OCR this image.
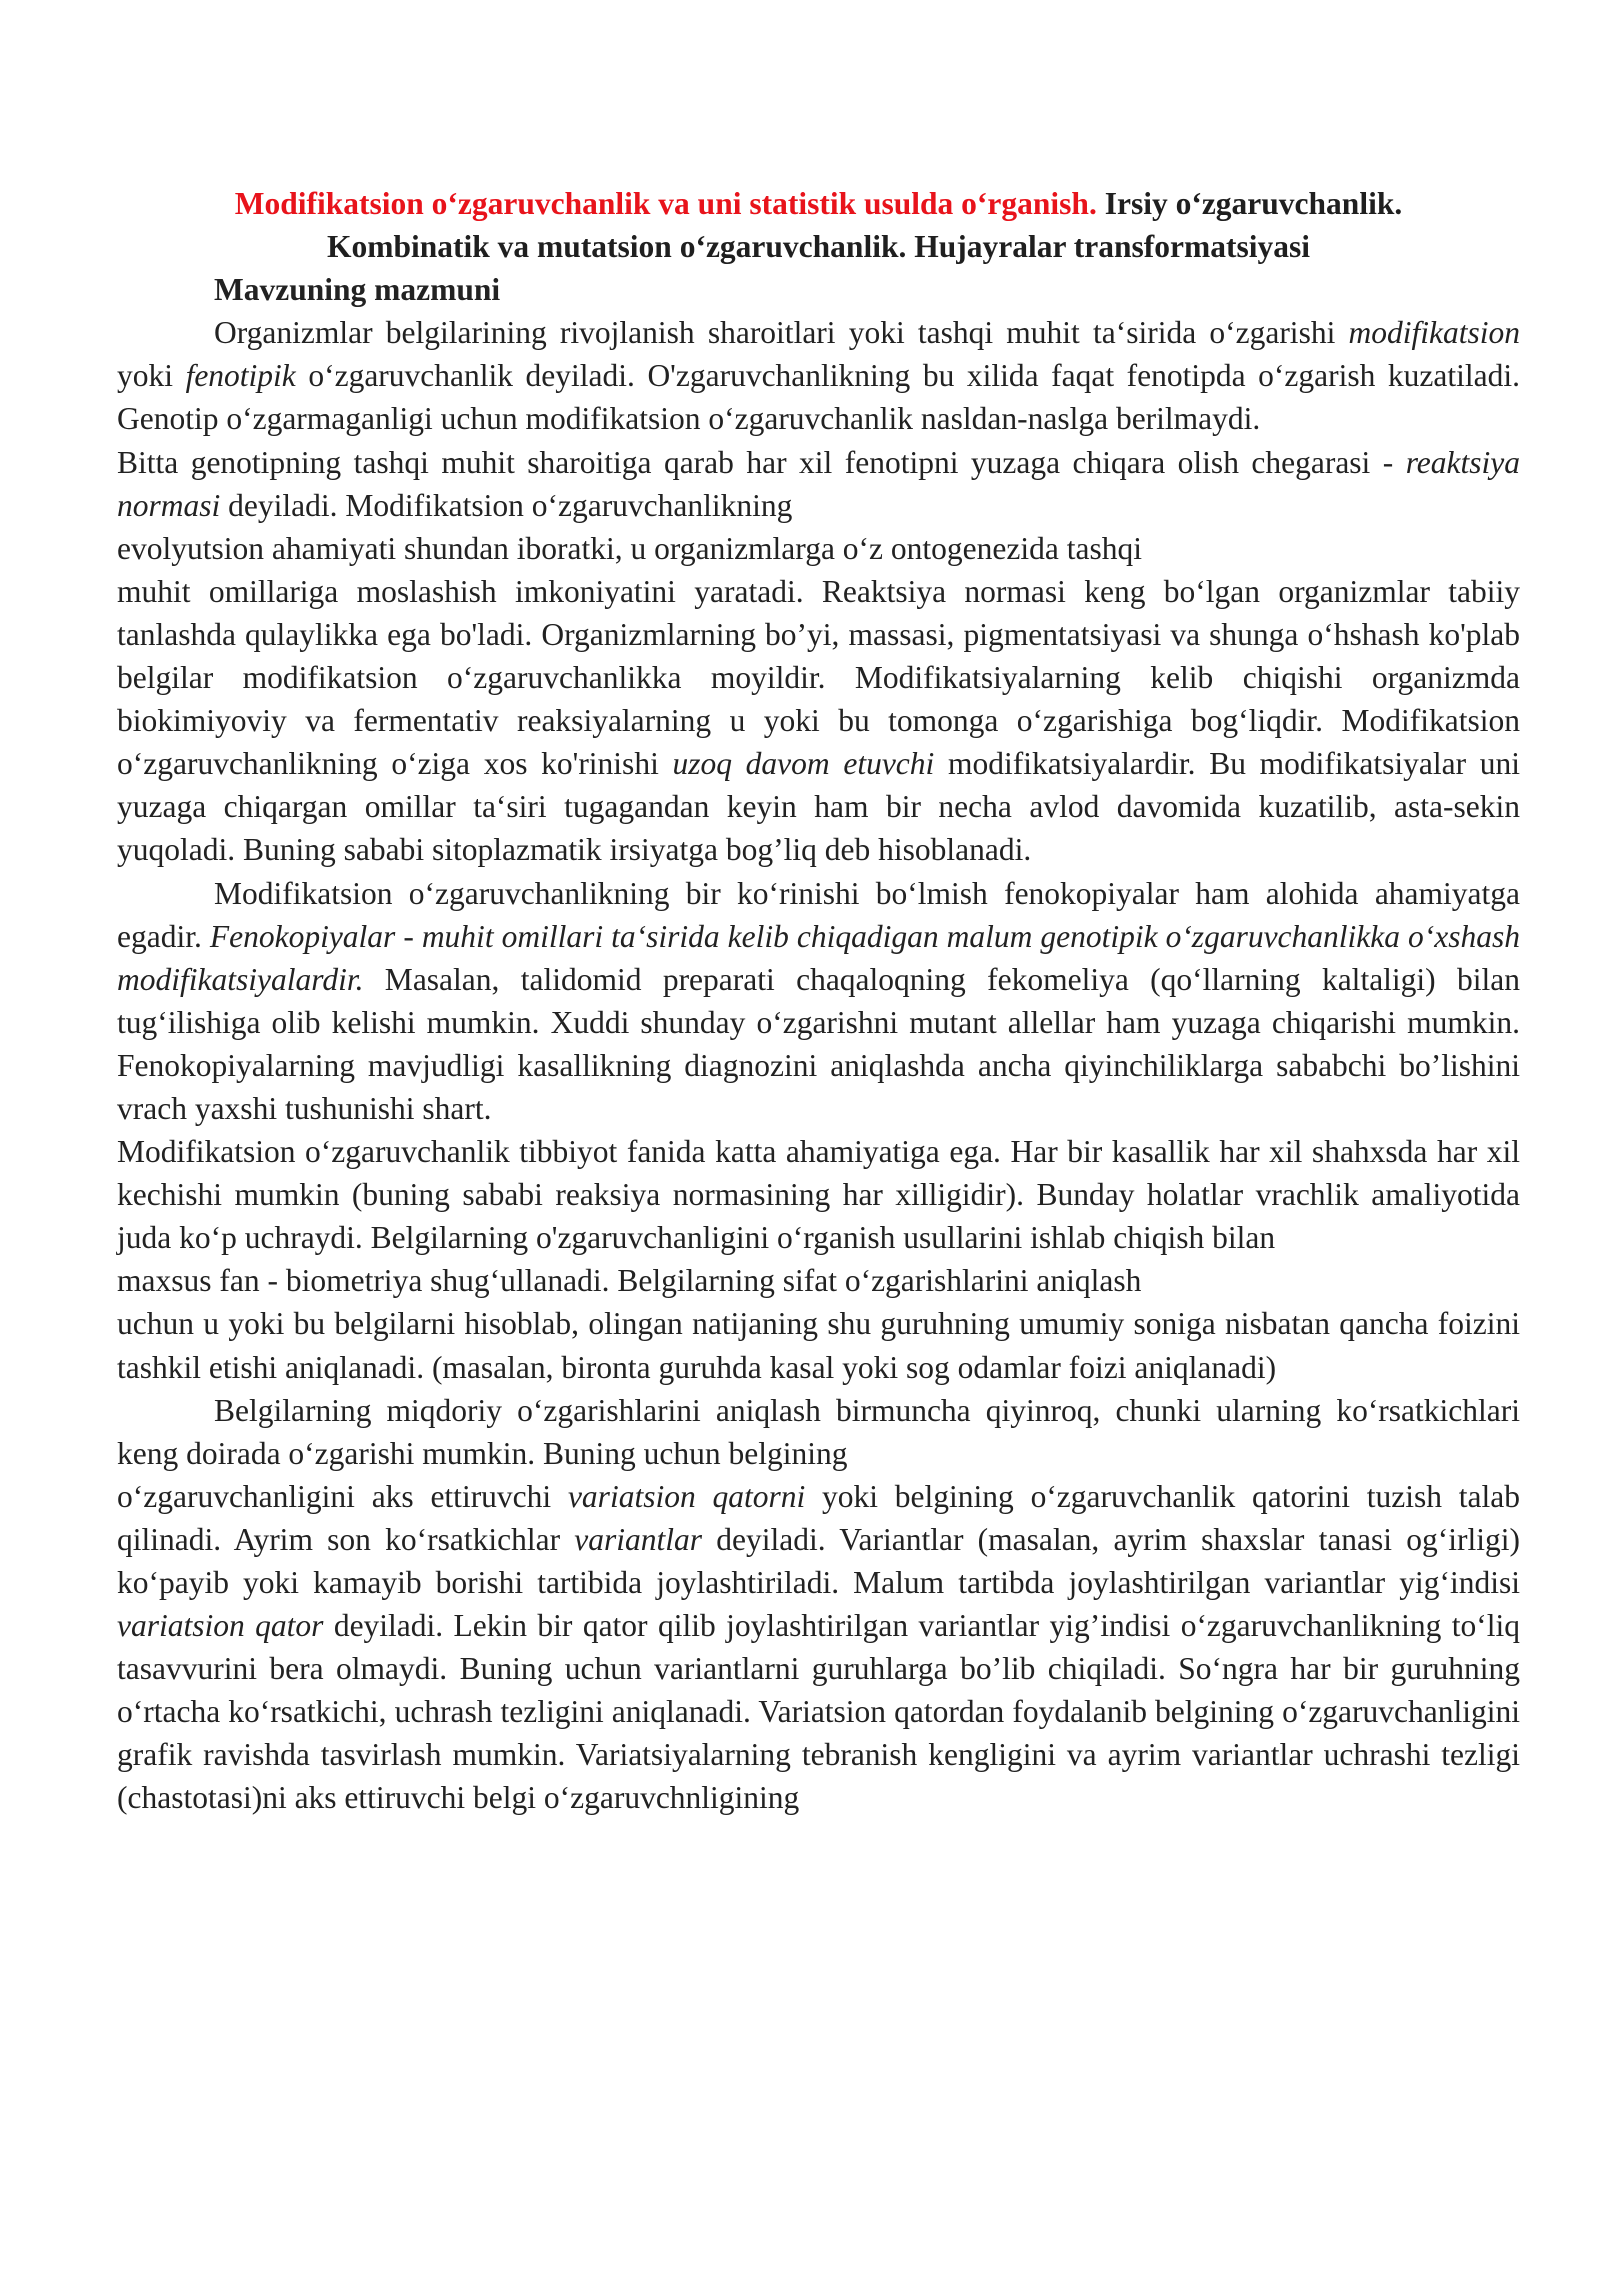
Modifikatsion o‘zgaruvchanlik va uni statistik usulda o‘rganish. Irsiy o‘zgaruvchanlik.
Kombinatik va mutatsion o‘zgaruvchanlik. Hujayralar transformatsiyasi

Mavzuning mazmuni

Organizmlar belgilarining rivojlanish sharoitlari yoki tashqi muhit ta‘sirida o‘zgarishi modifikatsion yoki fenotipik o‘zgaruvchanlik deyiladi. O'zgaruvchanlikning bu xilida faqat fenotipda o‘zgarish kuzatiladi. Genotip o‘zgarmaganligi uchun modifikatsion o‘zgaruvchanlik nasldan-naslga berilmaydi.

Bitta genotipning tashqi muhit sharoitiga qarab har xil fenotipni yuzaga chiqara olish chegarasi - reaktsiya normasi deyiladi. Modifikatsion o‘zgaruvchanlikning

evolyutsion ahamiyati shundan iboratki, u organizmlarga o‘z ontogenezida tashqi

muhit omillariga moslashish imkoniyatini yaratadi. Reaktsiya normasi keng bo‘lgan organizmlar tabiiy tanlashda qulaylikka ega bo'ladi. Organizmlarning bo’yi, massasi, pigmentatsiyasi va shunga o‘hshash ko'plab belgilar modifikatsion o‘zgaruvchanlikka moyildir. Modifikatsiyalarning kelib chiqishi organizmda biokimiyoviy va fermentativ reaksiyalarning u yoki bu tomonga o‘zgarishiga bog‘liqdir. Modifikatsion o‘zgaruvchanlikning o‘ziga xos ko'rinishi uzoq davom etuvchi modifikatsiyalardir. Bu modifikatsiyalar uni yuzaga chiqargan omillar ta‘siri tugagandan keyin ham bir necha avlod davomida kuzatilib, asta-sekin yuqoladi. Buning sababi sitoplazmatik irsiyatga bog’liq deb hisoblanadi.

Modifikatsion o‘zgaruvchanlikning bir ko‘rinishi bo‘lmish fenokopiyalar ham alohida ahamiyatga egadir. Fenokopiyalar - muhit omillari ta‘sirida kelib chiqadigan malum genotipik o‘zgaruvchanlikka o‘xshash modifikatsiyalardir. Masalan, talidomid preparati chaqaloqning fekomeliya (qo‘llarning kaltaligi) bilan tug‘ilishiga olib kelishi mumkin. Xuddi shunday o‘zgarishni mutant allellar ham yuzaga chiqarishi mumkin. Fenokopiyalarning mavjudligi kasallikning diagnozini aniqlashda ancha qiyinchiliklarga sababchi bo’lishini vrach yaxshi tushunishi shart.

Modifikatsion o‘zgaruvchanlik tibbiyot fanida katta ahamiyatiga ega. Har bir kasallik har xil shahxsda har xil kechishi mumkin (buning sababi reaksiya normasining har xilligidir). Bunday holatlar vrachlik amaliyotida juda ko‘p uchraydi. Belgilarning o'zgaruvchanligini o‘rganish usullarini ishlab chiqish bilan

maxsus fan - biometriya shug‘ullanadi. Belgilarning sifat o‘zgarishlarini aniqlash

uchun u yoki bu belgilarni hisoblab, olingan natijaning shu guruhning umumiy soniga nisbatan qancha foizini tashkil etishi aniqlanadi. (masalan, bironta guruhda kasal yoki sog odamlar foizi aniqlanadi)

Belgilarning miqdoriy o‘zgarishlarini aniqlash birmuncha qiyinroq, chunki ularning ko‘rsatkichlari keng doirada o‘zgarishi mumkin. Buning uchun belgining

o‘zgaruvchanligini aks ettiruvchi variatsion qatorni yoki belgining o‘zgaruvchanlik qatorini tuzish talab qilinadi. Ayrim son ko‘rsatkichlar variantlar deyiladi. Variantlar (masalan, ayrim shaxslar tanasi og‘irligi) ko‘payib yoki kamayib borishi tartibida joylashtiriladi. Malum tartibda joylashtirilgan variantlar yig‘indisi variatsion qator deyiladi. Lekin bir qator qilib joylashtirilgan variantlar yig’indisi o‘zgaruvchanlikning to‘liq tasavvurini bera olmaydi. Buning uchun variantlarni guruhlarga bo’lib chiqiladi. So‘ngra har bir guruhning o‘rtacha ko‘rsatkichi, uchrash tezligini aniqlanadi. Variatsion qatordan foydalanib belgining o‘zgaruvchanligini grafik ravishda tasvirlash mumkin. Variatsiyalarning tebranish kengligini va ayrim variantlar uchrashi tezligi (chastotasi)ni aks ettiruvchi belgi o‘zgaruvchnligining
